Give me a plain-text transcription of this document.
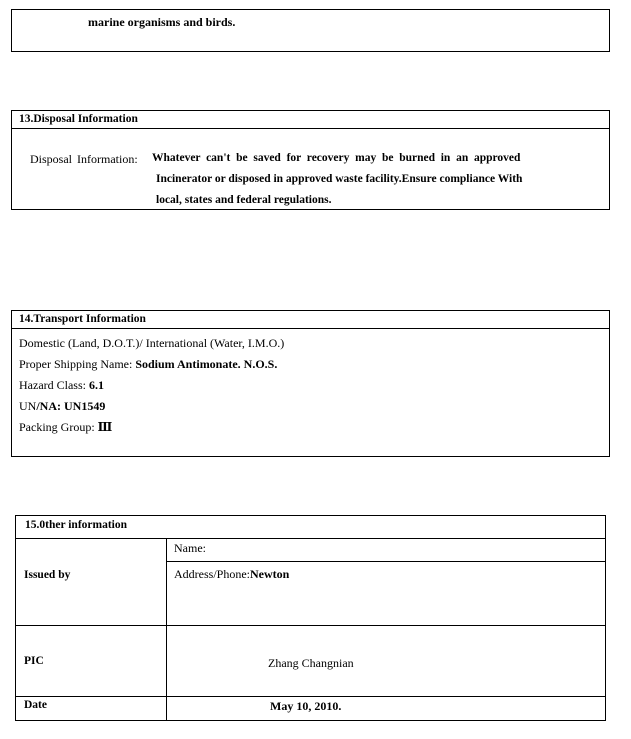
marine organisms and birds.
13.Disposal Information
Disposal Information: Whatever  can't  be  saved  for  recovery  may  be  burned  in  an  approved
Incinerator or disposed in approved waste facility.Ensure compliance With
local, states and federal regulations.
14.Transport Information
Domestic (Land, D.O.T.)/ International (Water, I.M.O.)
Proper Shipping Name: Sodium Antimonate. N.O.S.
Hazard Class: 6.1
UN/NA: UN1549
Packing Group: Ⅲ
15.0ther information
Issued by
Name:
Address/Phone:Newton
PIC	Zhang Changnian
Date	May 10, 2010.
